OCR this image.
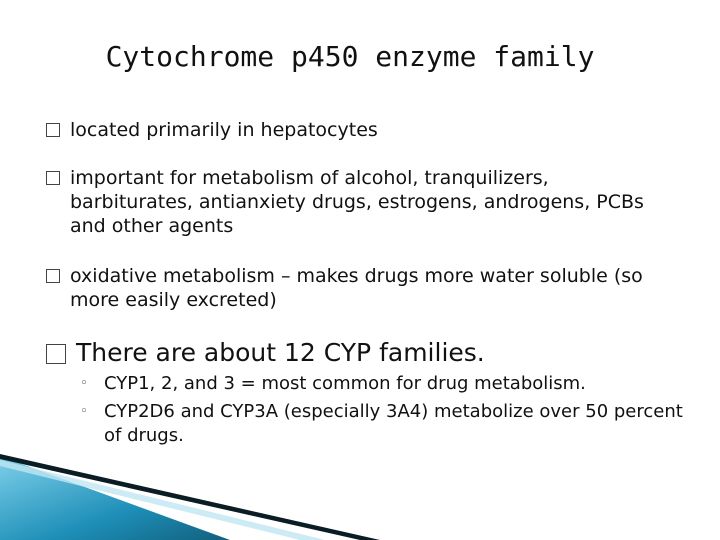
Cytochrome p450 enzyme family
located primarily in hepatocytes
important for metabolism of alcohol, tranquilizers, barbiturates, antianxiety drugs, estrogens, androgens, PCBs and other agents
oxidative metabolism – makes drugs more water soluble (so more easily excreted)
There are about 12 CYP families.
◦ CYP1, 2, and 3 = most common for drug metabolism.
◦ CYP2D6 and CYP3A (especially 3A4) metabolize over 50 percent of drugs.
